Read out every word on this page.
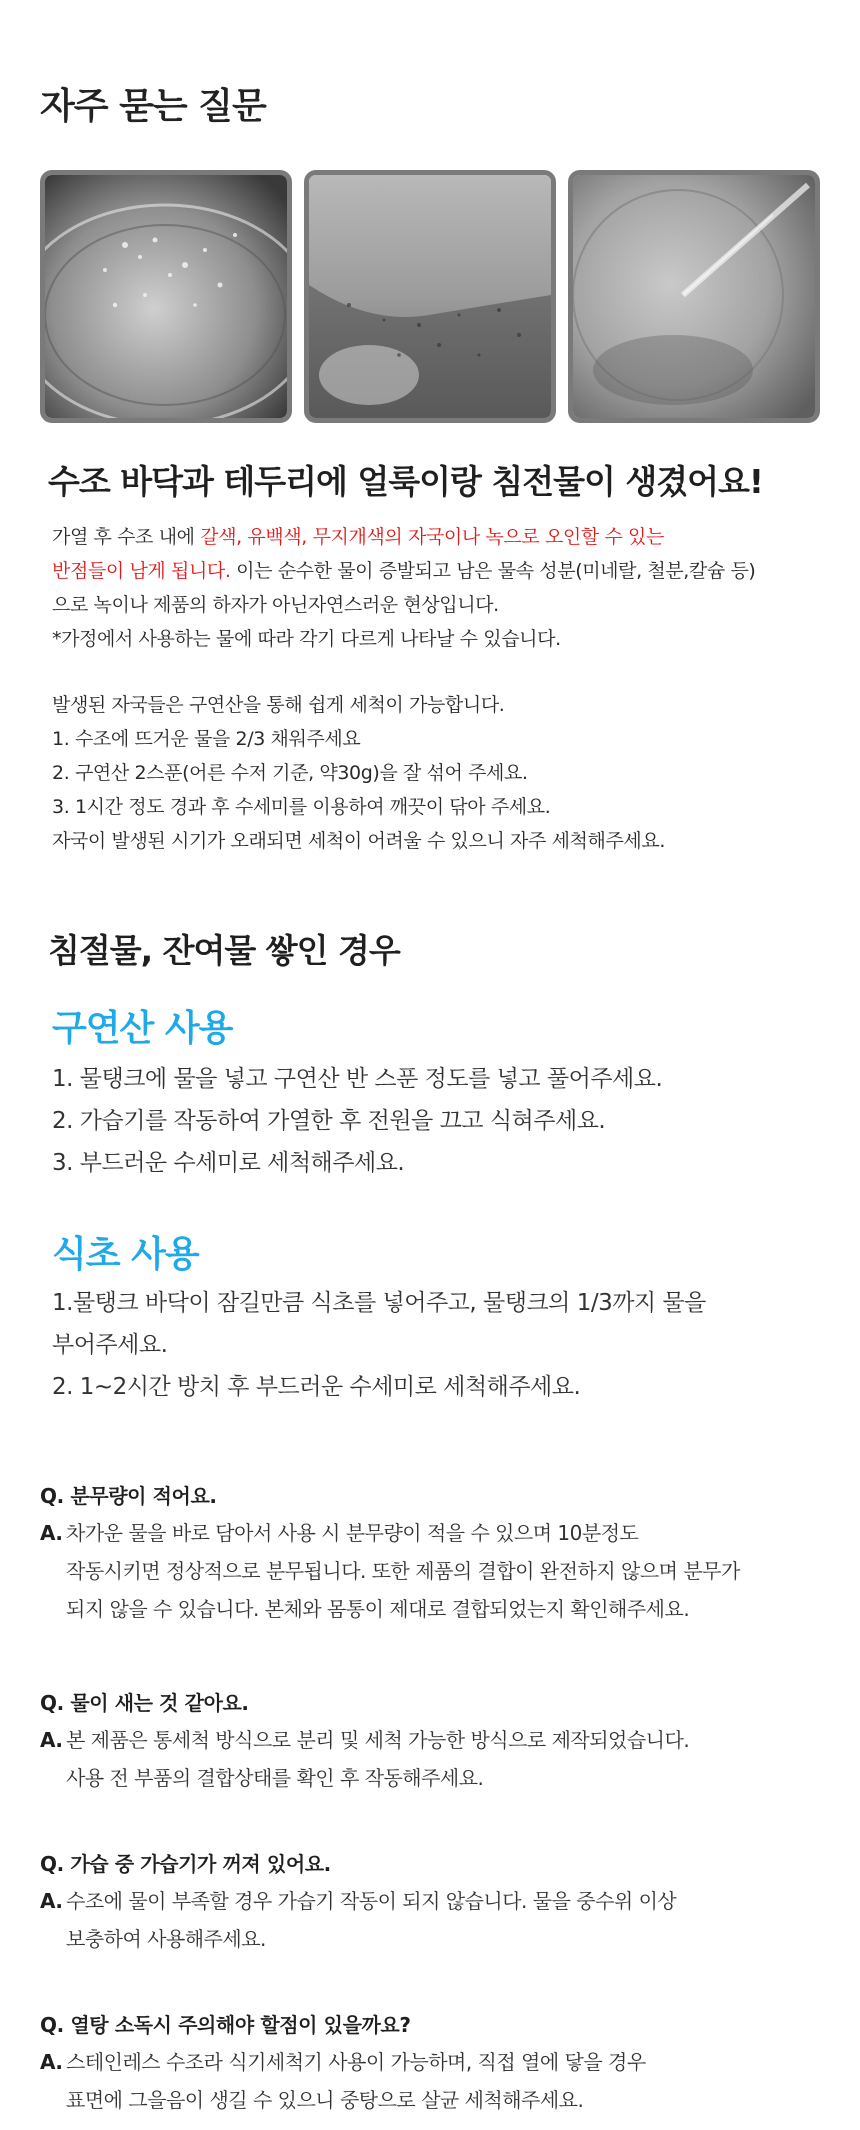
자주 묻는 질문
수조 바닥과 테두리에 얼룩이랑 침전물이 생겼어요!
가열 후 수조 내에 갈색, 유백색, 무지개색의 자국이나 녹으로 오인할 수 있는
반점들이 남게 됩니다. 이는 순수한 물이 증발되고 남은 물속 성분(미네랄, 철분,칼슘 등)
으로 녹이나 제품의 하자가 아닌자연스러운 현상입니다.
*가정에서 사용하는 물에 따라 각기 다르게 나타날 수 있습니다.
발생된 자국들은 구연산을 통해 쉽게 세척이 가능합니다.
1. 수조에 뜨거운 물을 2/3 채워주세요
2. 구연산 2스푼(어른 수저 기준, 약30g)을 잘 섞어 주세요.
3. 1시간 정도 경과 후 수세미를 이용하여 깨끗이 닦아 주세요.
자국이 발생된 시기가 오래되면 세척이 어려울 수 있으니 자주 세척해주세요.
침절물, 잔여물 쌓인 경우
구연산 사용
1. 물탱크에 물을 넣고 구연산 반 스푼 정도를 넣고 풀어주세요.
2. 가습기를 작동하여 가열한 후 전원을 끄고 식혀주세요.
3. 부드러운 수세미로 세척해주세요.
식초 사용
1.물탱크 바닥이 잠길만큼 식초를 넣어주고, 물탱크의 1/3까지 물을
부어주세요.
2. 1~2시간 방치 후 부드러운 수세미로 세척해주세요.
Q. 분무량이 적어요.
A. 차가운 물을 바로 담아서 사용 시 분무량이 적을 수 있으며 10분정도
작동시키면 정상적으로 분무됩니다. 또한 제품의 결합이 완전하지 않으며 분무가
되지 않을 수 있습니다. 본체와 몸통이 제대로 결합되었는지 확인해주세요.
Q. 물이 새는 것 같아요.
A. 본 제품은 통세척 방식으로 분리 및 세척 가능한 방식으로 제작되었습니다.
사용 전 부품의 결합상태를 확인 후 작동해주세요.
Q. 가습 중 가습기가 꺼져 있어요.
A. 수조에 물이 부족할 경우 가습기 작동이 되지 않습니다. 물을 중수위 이상
보충하여 사용해주세요.
Q. 열탕 소독시 주의해야 할점이 있을까요?
A. 스테인레스 수조라 식기세척기 사용이 가능하며, 직접 열에 닿을 경우
표면에 그을음이 생길 수 있으니 중탕으로 살균 세척해주세요.
